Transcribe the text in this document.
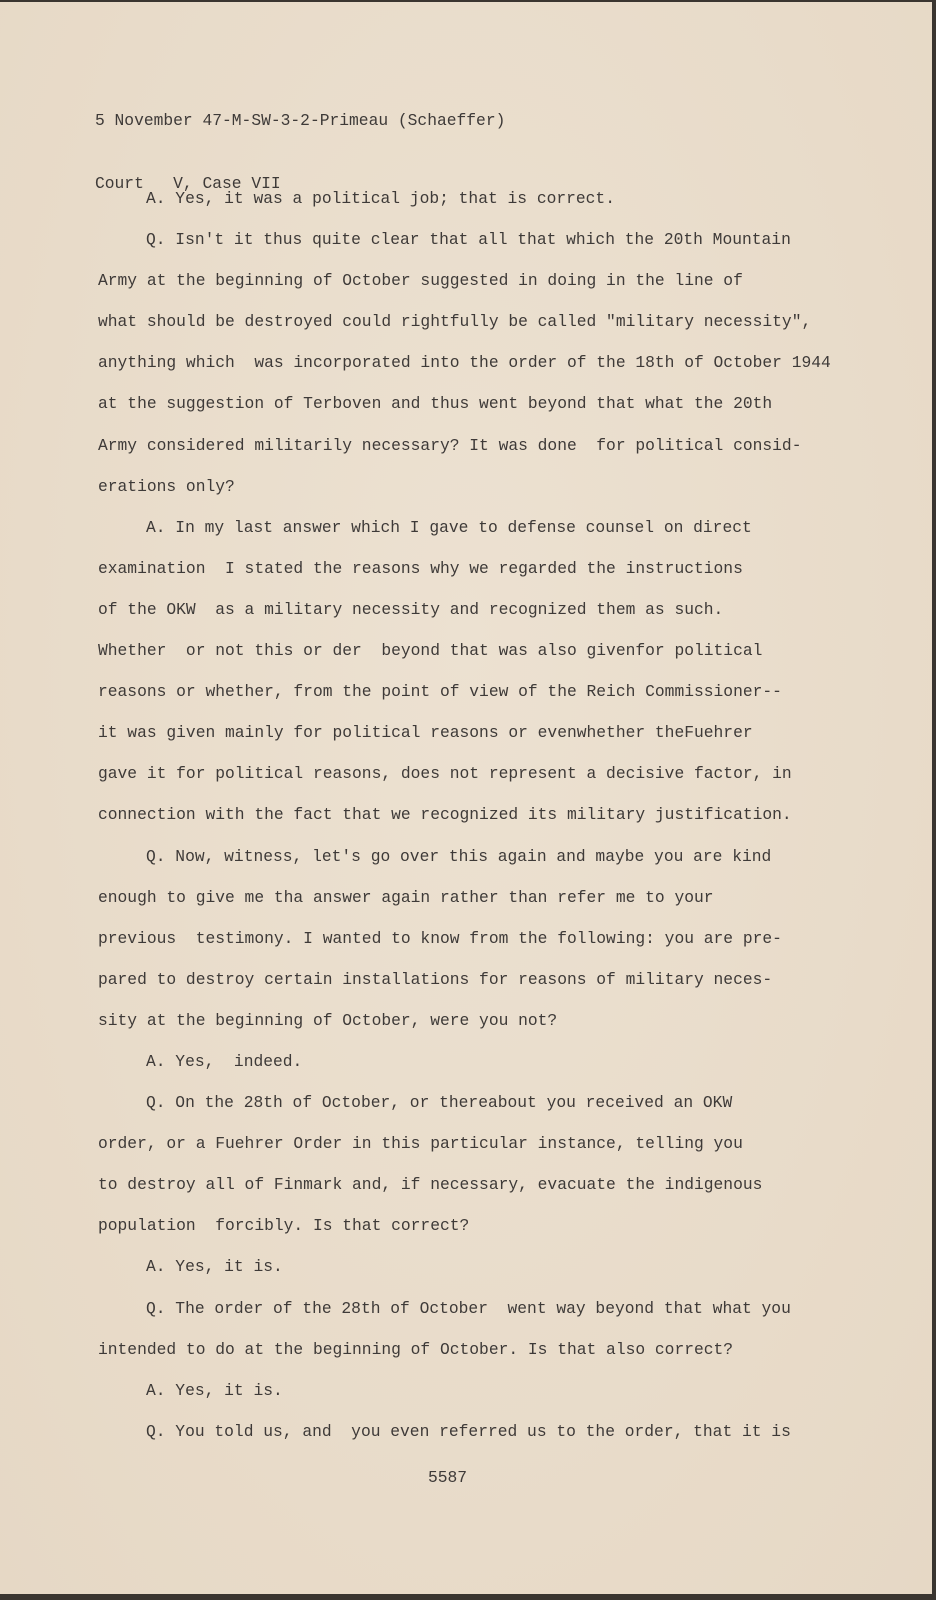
5 November 47-M-SW-3-2-Primeau (Schaeffer)

Court   V, Case VII

A. Yes, it was a political job; that is correct.
Q. Isn't it thus quite clear that all that which the 20th Mountain
Army at the beginning of October suggested in doing in the line of
what should be destroyed could rightfully be called "military necessity",
anything which  was incorporated into the order of the 18th of October 1944
at the suggestion of Terboven and thus went beyond that what the 20th
Army considered militarily necessary? It was done  for political consid-
erations only?
A. In my last answer which I gave to defense counsel on direct
examination  I stated the reasons why we regarded the instructions
of the OKW  as a military necessity and recognized them as such.
Whether  or not this or der  beyond that was also givenfor political
reasons or whether, from the point of view of the Reich Commissioner--
it was given mainly for political reasons or evenwhether theFuehrer
gave it for political reasons, does not represent a decisive factor, in
connection with the fact that we recognized its military justification.
Q. Now, witness, let's go over this again and maybe you are kind
enough to give me tha answer again rather than refer me to your
previous  testimony. I wanted to know from the following: you are pre-
pared to destroy certain installations for reasons of military neces-
sity at the beginning of October, were you not?
A. Yes,  indeed.
Q. On the 28th of October, or thereabout you received an OKW
order, or a Fuehrer Order in this particular instance, telling you
to destroy all of Finmark and, if necessary, evacuate the indigenous
population  forcibly. Is that correct?
A. Yes, it is.
Q. The order of the 28th of October  went way beyond that what you
intended to do at the beginning of October. Is that also correct?
A. Yes, it is.
Q. You told us, and  you even referred us to the order, that it is
5587
